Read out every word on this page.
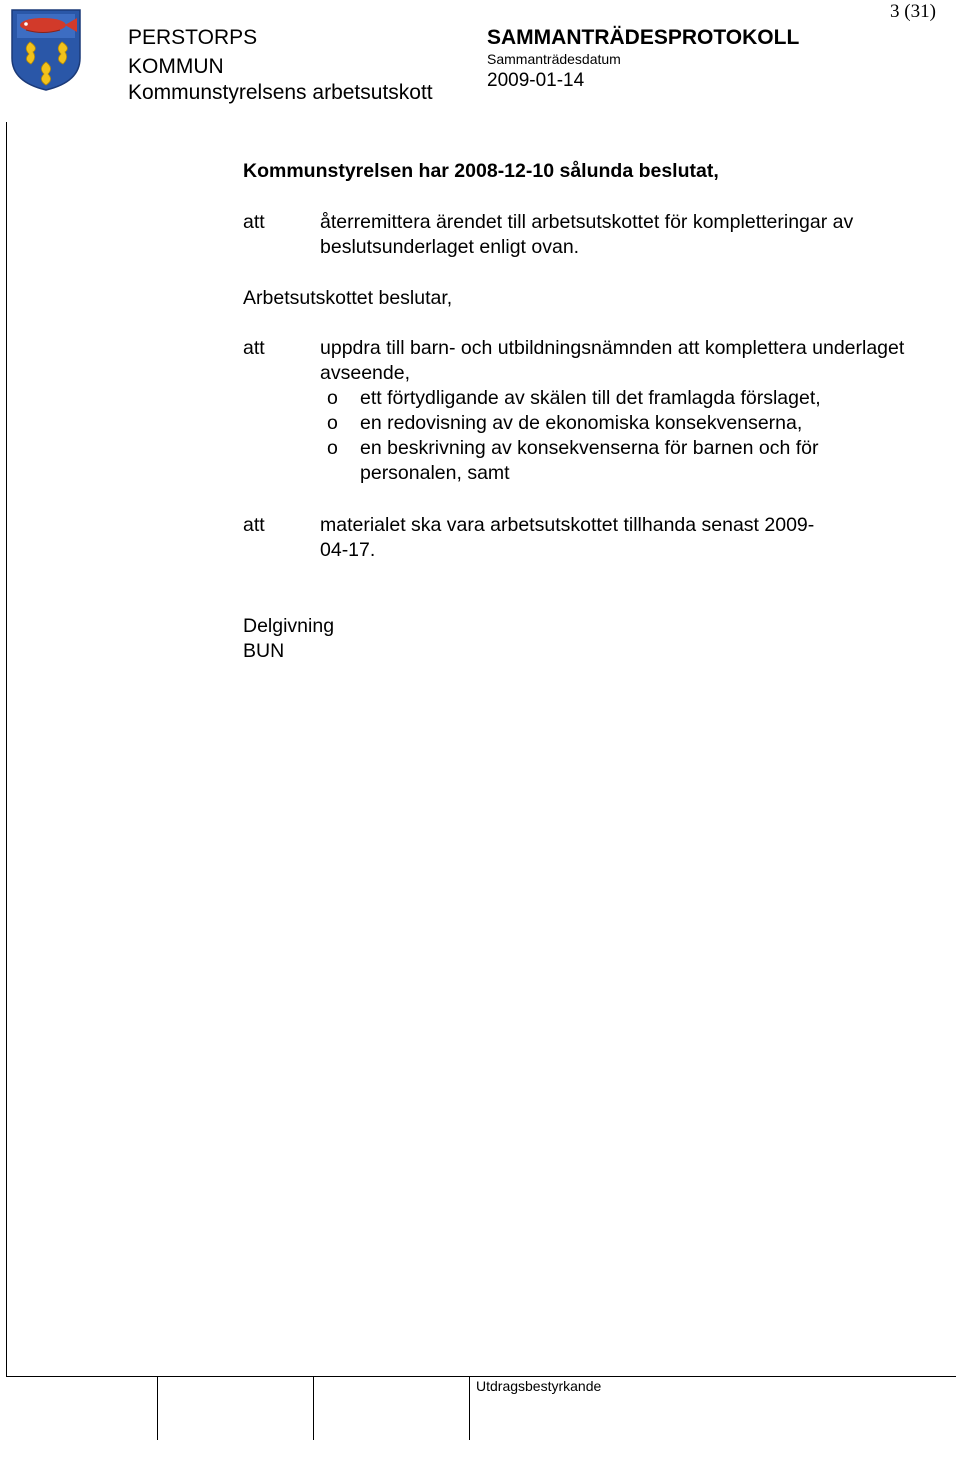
PERSTORPS
KOMMUN
Kommunstyrelsens arbetsutskott
SAMMANTRÄDESPROTOKOLL
Sammanträdesdatum
2009-01-14
3 (31)
Kommunstyrelsen har 2008-12-10 sålunda beslutat,
att	återremittera ärendet till arbetsutskottet för kompletteringar av beslutsunderlaget enligt ovan.
Arbetsutskottet beslutar,
att	uppdra till barn- och utbildningsnämnden att komplettera underlaget avseende,
o ett förtydligande av skälen till det framlagda förslaget,
o en redovisning av de ekonomiska konsekvenserna,
o en beskrivning av konsekvenserna för barnen och för personalen, samt
att	materialet ska vara arbetsutskottet tillhanda senast 2009-04-17.
Delgivning
BUN
Utdragsbestyrkande
